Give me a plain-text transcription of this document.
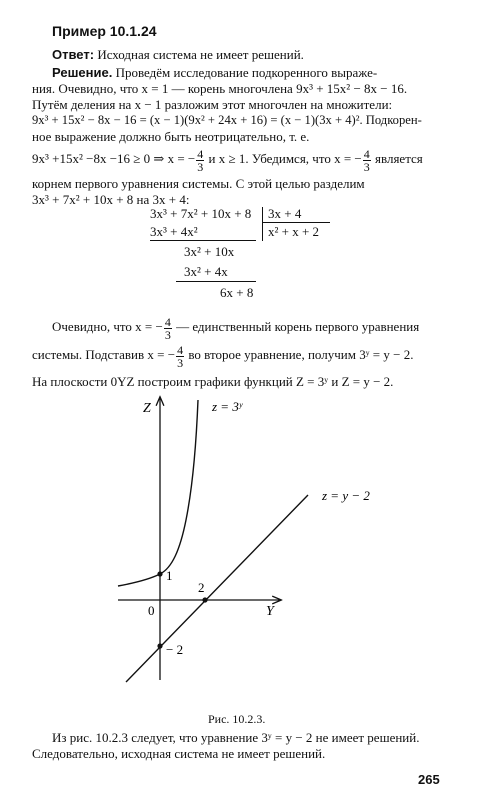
Пример 10.1.24
Ответ: Исходная система не имеет решений.
Решение. Проведём исследование подкоренного выраже-
ния. Очевидно, что x = 1 — корень многочлена 9x³ + 15x² − 8x − 16.
Путём деления на x − 1 разложим этот многочлен на множители:
9x³ + 15x² − 8x − 16 = (x − 1)(9x² + 24x + 16) = (x − 1)(3x + 4)². Подкорен-
ное выражение должно быть неотрицательно, т. е.
9x³ +15x² −8x −16 ≥ 0 ⇒ x = − $\frac{4}{3}$ и x ≥ 1. Убедимся, что x = − $\frac{4}{3}$ является
корнем первого уравнения системы. С этой целью разделим
3x³ + 7x² + 10x + 8 на 3x + 4:
3x³ + 7x² + 10x + 8 3x + 4
x² + x + 2
3x³ + 4x²
3x² + 10x
3x² + 4x
6x + 8
Очевидно, что x = − $\frac{4}{3}$ — единственный корень первого уравнения
системы. Подставив x = − $\frac{4}{3}$ во второе уравнение, получим 3ʸ = y − 2.
На плоскости 0YZ построим графики функций Z = 3ʸ и Z = y − 2.
Z
Y
0
1
2
− 2
z = 3ʸ
z = y − 2
Рис. 10.2.3.
Из рис. 10.2.3 следует, что уравнение 3ʸ = y − 2 не имеет решений.
Следовательно, исходная система не имеет решений.
265
